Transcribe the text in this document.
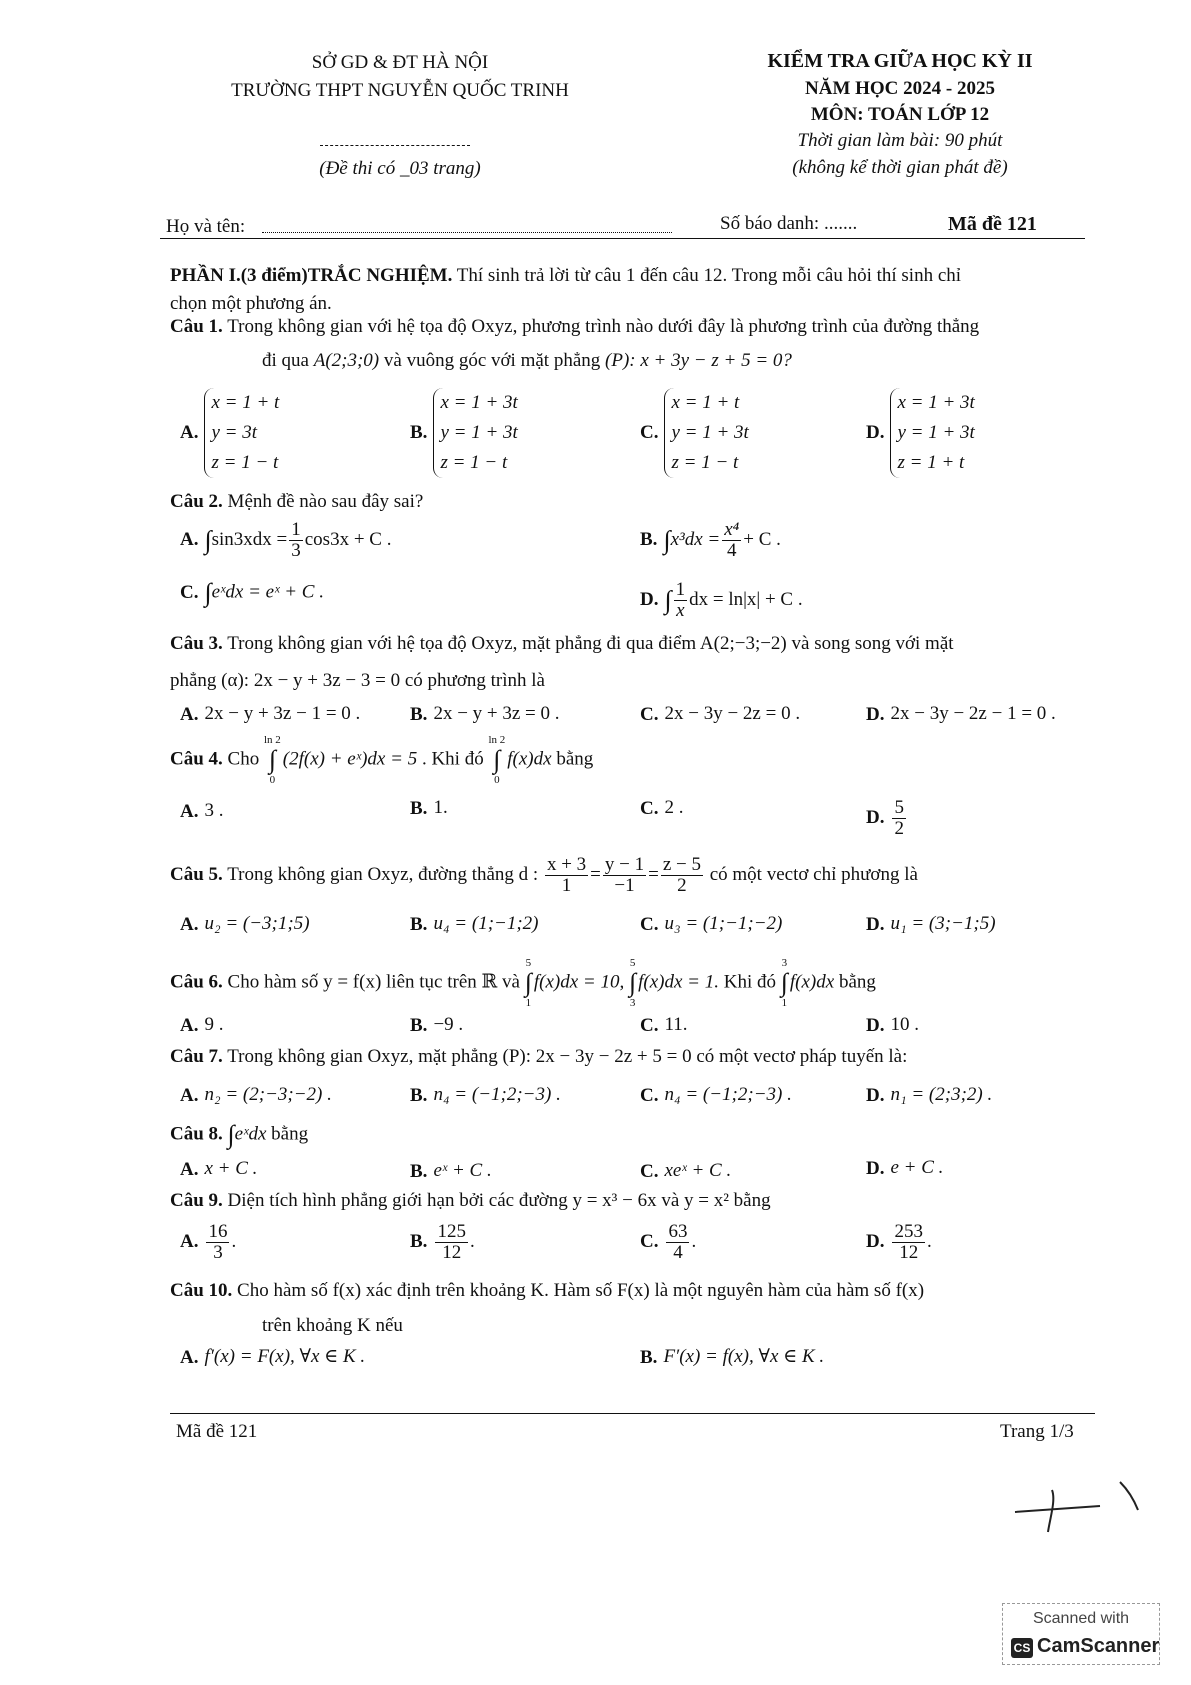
SỞ GD & ĐT HÀ NỘI
TRƯỜNG THPT NGUYỄN QUỐC TRINH
(Đề thi có _03 trang)
KIỂM TRA GIỮA HỌC KỲ II
NĂM HỌC 2024 - 2025
MÔN: TOÁN LỚP 12
Thời gian làm bài: 90 phút
(không kể thời gian phát đề)
Họ và tên:	Số báo danh: .......	Mã đề 121
PHẦN I.(3 điểm)TRẮC NGHIỆM. Thí sinh trả lời từ câu 1 đến câu 12. Trong mỗi câu hỏi thí sinh chỉ
chọn một phương án.
Câu 1. Trong không gian với hệ tọa độ Oxyz, phương trình nào dưới đây là phương trình của đường thẳng
đi qua A(2;3;0) và vuông góc với mặt phẳng (P): x + 3y − z + 5 = 0?
A.x = 1 + t
y = 3t
z = 1 − t
B.x = 1 + 3t
y = 1 + 3t
z = 1 − t
C.x = 1 + t
y = 1 + 3t
z = 1 − t
D.x = 1 + 3t
y = 1 + 3t
z = 1 + t
Câu 2. Mệnh đề nào sau đây sai?
A. $\int\sin 3xdx = \frac{1}{3} \cos 3x + C$ .	B. $\int x^3dx = \frac{\text{x⁴}}{4} + C$ .
C. ∫eˣdx = eˣ + C .	D. ∫ $\frac{1}{x}$ dx = ln|x| + C .
Câu 3. Trong không gian với hệ tọa độ Oxyz, mặt phẳng đi qua điểm A(2;−3;−2) và song song với mặt
phẳng (α): 2x − y + 3z − 3 = 0 có phương trình là
A. 2x − y + 3z − 1 = 0 .	B. 2x − y + 3z = 0 .	C. 2x − 3y − 2z = 0 .	D. 2x − 3y − 2z − 1 = 0 .
Câu 4. Cho ln 2
∫
0(2f(x) + eˣ)dx = 5 . Khi đó ln 2
∫
0f(x)dx bằng
A. 3 .	B. 1.	C. 2 .	D. $\frac{5}{2}$
Câu 5. Trong không gian Oxyz, đường thẳng d : $\frac{x + 3}{1} = \frac{y - 1}{-1} = \frac{z - 5}{2}$ có một vectơ chỉ phương là
A. u₂ = (−3;1;5)	B. u₄ = (1;−1;2)	C. u₃ = (1;−1;−2)	D. u₁ = (3;−1;5)
Câu 6. Cho hàm số y = f(x) liên tục trên ℝ và 5
∫
1f(x)dx = 10, 5
∫
3f(x)dx = 1. Khi đó 3
∫
1f(x)dx bằng
A. 9 .	B. −9 .	C. 11.	D. 10 .
Câu 7. Trong không gian Oxyz, mặt phẳng (P): 2x − 3y − 2z + 5 = 0 có một vectơ pháp tuyến là:
A. n₂ = (2;−3;−2) .	B. n₄ = (−1;2;−3) .	C. n₄ = (−1;2;−3) .	D. n₁ = (2;3;2) .
Câu 8. ∫eˣdx bằng
A. x + C .	B. eˣ + C .	C. xeˣ + C .	D. e + C .
Câu 9. Diện tích hình phẳng giới hạn bởi các đường y = x³ − 6x và y = x² bằng
A. $\frac{16}{3}$ .	B. $\frac{125}{12}$ .	C. $\frac{63}{4}$ .	D. $\frac{253}{12}$ .
Câu 10. Cho hàm số f(x) xác định trên khoảng K. Hàm số F(x) là một nguyên hàm của hàm số f(x)
trên khoảng K nếu
A. f′(x) = F(x), ∀x ∈ K .	B. F′(x) = f(x), ∀x ∈ K .
Mã đề 121	Trang 1/3
Scanned with
CS CamScanner
